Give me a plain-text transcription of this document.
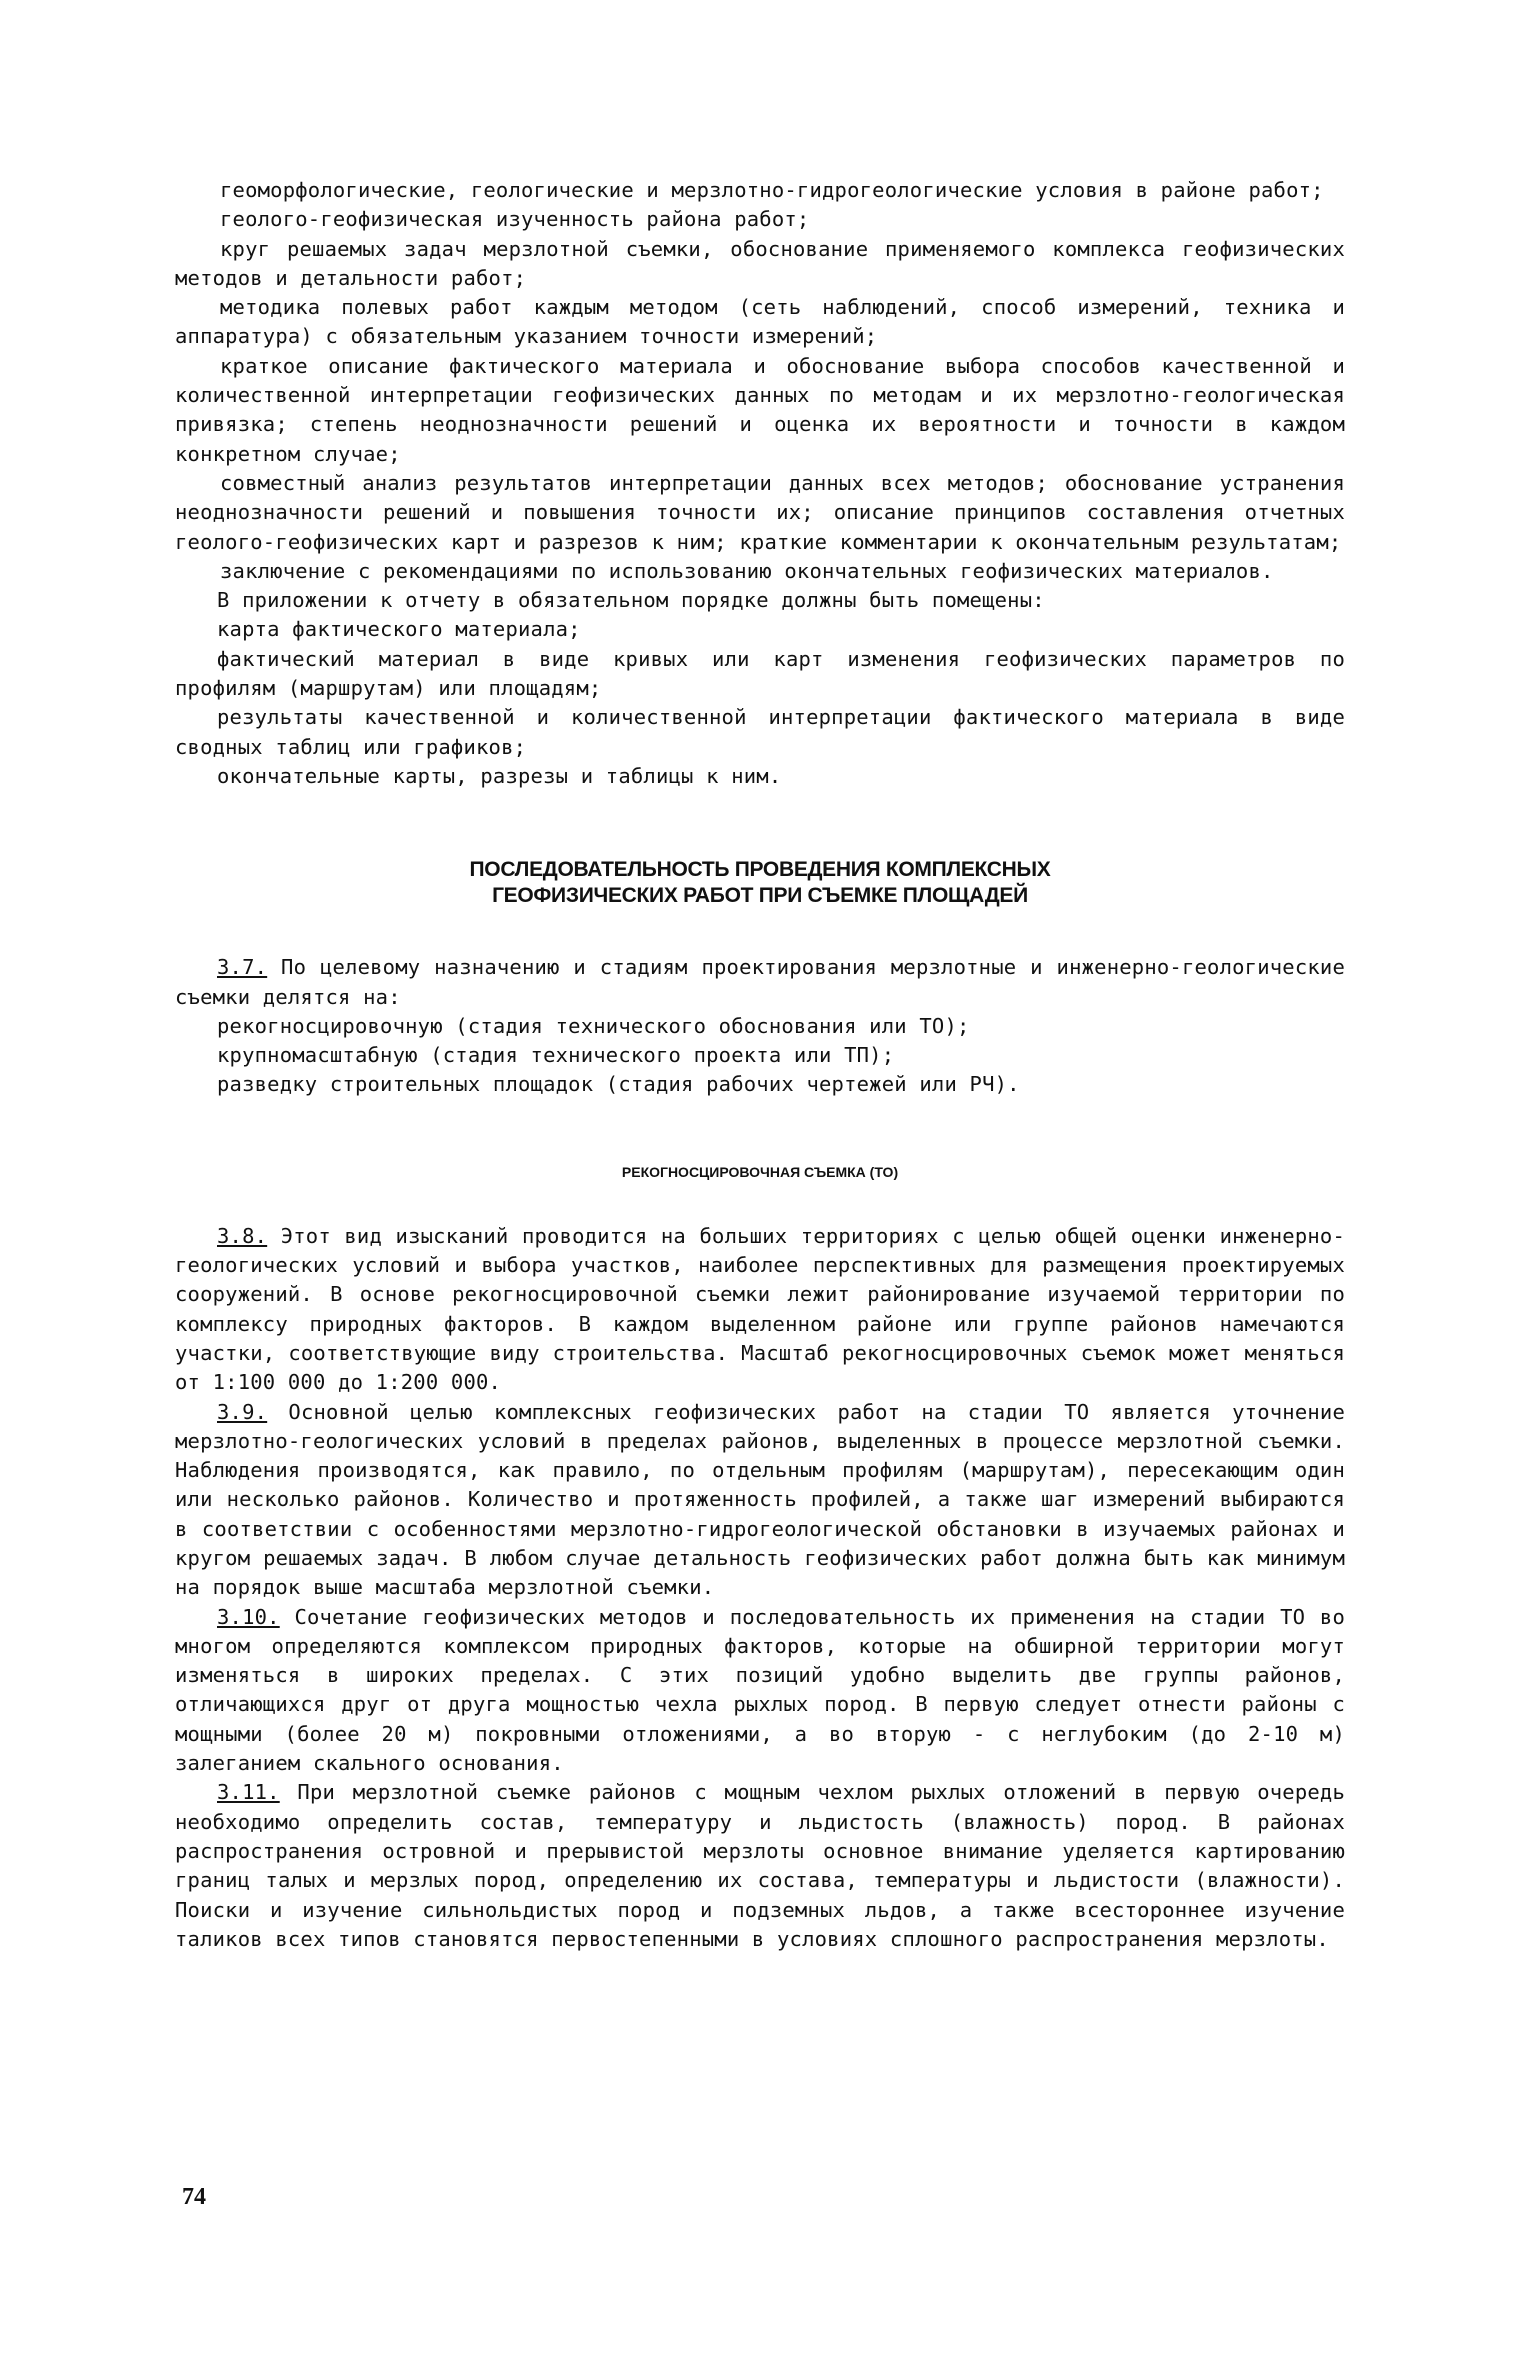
геоморфологические, геологические и мерзлотно-гидрогеологические условия в районе работ;

геолого-геофизическая изученность района работ;

круг решаемых задач мерзлотной съемки, обоснование применяемого комплекса геофизических методов и детальности работ;

методика полевых работ каждым методом (сеть наблюдений, способ измерений, техника и аппаратура) с обязательным указанием точности измерений;

краткое описание фактического материала и обоснование выбора способов качественной и количественной интерпретации геофизических данных по методам и их мерзлотно-геологическая привязка; степень неоднозначности решений и оценка их вероятности и точности в каждом конкретном случае;

совместный анализ результатов интерпретации данных всех методов; обоснование устранения неоднозначности решений и повышения точности их; описание принципов составления отчетных геолого-геофизических карт и разрезов к ним; краткие комментарии к окончательным результатам;

заключение с рекомендациями по использованию окончательных геофизических материалов.

В приложении к отчету в обязательном порядке должны быть помещены:

карта фактического материала;

фактический материал в виде кривых или карт изменения геофизических параметров по профилям (маршрутам) или площадям;

результаты качественной и количественной интерпретации фактического материала в виде сводных таблиц или графиков;

окончательные карты, разрезы и таблицы к ним.

ПОСЛЕДОВАТЕЛЬНОСТЬ ПРОВЕДЕНИЯ КОМПЛЕКСНЫХ

ГЕОФИЗИЧЕСКИХ РАБОТ ПРИ СЪЕМКЕ ПЛОЩАДЕЙ

3.7. По целевому назначению и стадиям проектирования мерзлотные и инженерно-геологические съемки делятся на:

рекогносцировочную (стадия технического обоснования или ТО);

крупномасштабную (стадия технического проекта или ТП);

разведку строительных площадок (стадия рабочих чертежей или РЧ).

РЕКОГНОСЦИРОВОЧНАЯ СЪЕМКА (ТО)

3.8. Этот вид изысканий проводится на больших территориях с целью общей оценки инженерно-геологических условий и выбора участков, наиболее перспективных для размещения проектируемых сооружений. В основе рекогносцировочной съемки лежит районирование изучаемой территории по комплексу природных факторов. В каждом выделенном районе или группе районов намечаются участки, соответствующие виду строительства. Масштаб рекогносцировочных съемок может меняться от 1:100 000 до 1:200 000.

3.9. Основной целью комплексных геофизических работ на стадии ТО является уточнение мерзлотно-геологических условий в пределах районов, выделенных в процессе мерзлотной съемки. Наблюдения производятся, как правило, по отдельным профилям (маршрутам), пересекающим один или несколько районов. Количество и протяженность профилей, а также шаг измерений выбираются в соответствии с особенностями мерзлотно-гидрогеологической обстановки в изучаемых районах и кругом решаемых задач. В любом случае детальность геофизических работ должна быть как минимум на порядок выше масштаба мерзлотной съемки.

3.10. Сочетание геофизических методов и последовательность их применения на стадии ТО во многом определяются комплексом природных факторов, которые на обширной территории могут изменяться в широких пределах. С этих позиций удобно выделить две группы районов, отличающихся друг от друга мощностью чехла рыхлых пород. В первую следует отнести районы с мощными (более 20 м) покровными отложениями, а во вторую - с неглубоким (до 2-10 м) залеганием скального основания.

3.11. При мерзлотной съемке районов с мощным чехлом рыхлых отложений в первую очередь необходимо определить состав, температуру и льдистость (влажность) пород. В районах распространения островной и прерывистой мерзлоты основное внимание уделяется картированию границ талых и мерзлых пород, определению их состава, температуры и льдистости (влажности). Поиски и изучение сильнольдистых пород и подземных льдов, а также всестороннее изучение таликов всех типов становятся первостепенными в условиях сплошного распространения мерзлоты.

74
